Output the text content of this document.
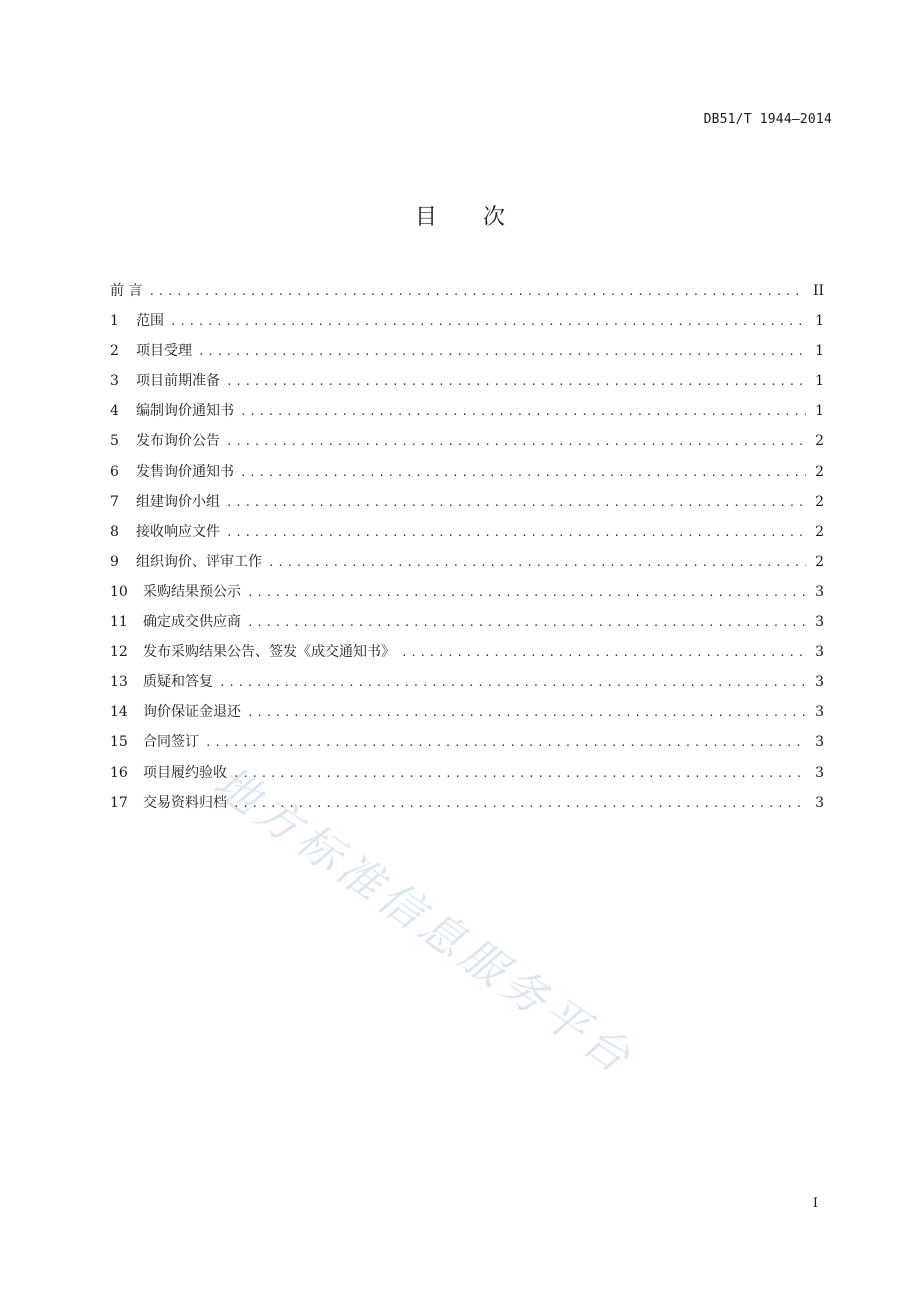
DB51/T 1944—2014
目 次
前 言 .....	II
1	范围 .....	1
2	项目受理 .....	1
3	项目前期准备 .....	1
4	编制询价通知书 .....	1
5	发布询价公告 .....	2
6	发售询价通知书 .....	2
7	组建询价小组 .....	2
8	接收响应文件 .....	2
9	组织询价、评审工作 .....	2
10	采购结果预公示 .....	3
11	确定成交供应商 .....	3
12	发布采购结果公告、签发《成交通知书》 .....	3
13	质疑和答复 .....	3
14	询价保证金退还 .....	3
15	合同签订 .....	3
16	项目履约验收 .....	3
17	交易资料归档 .....	3
I
地方标准信息服务平台
